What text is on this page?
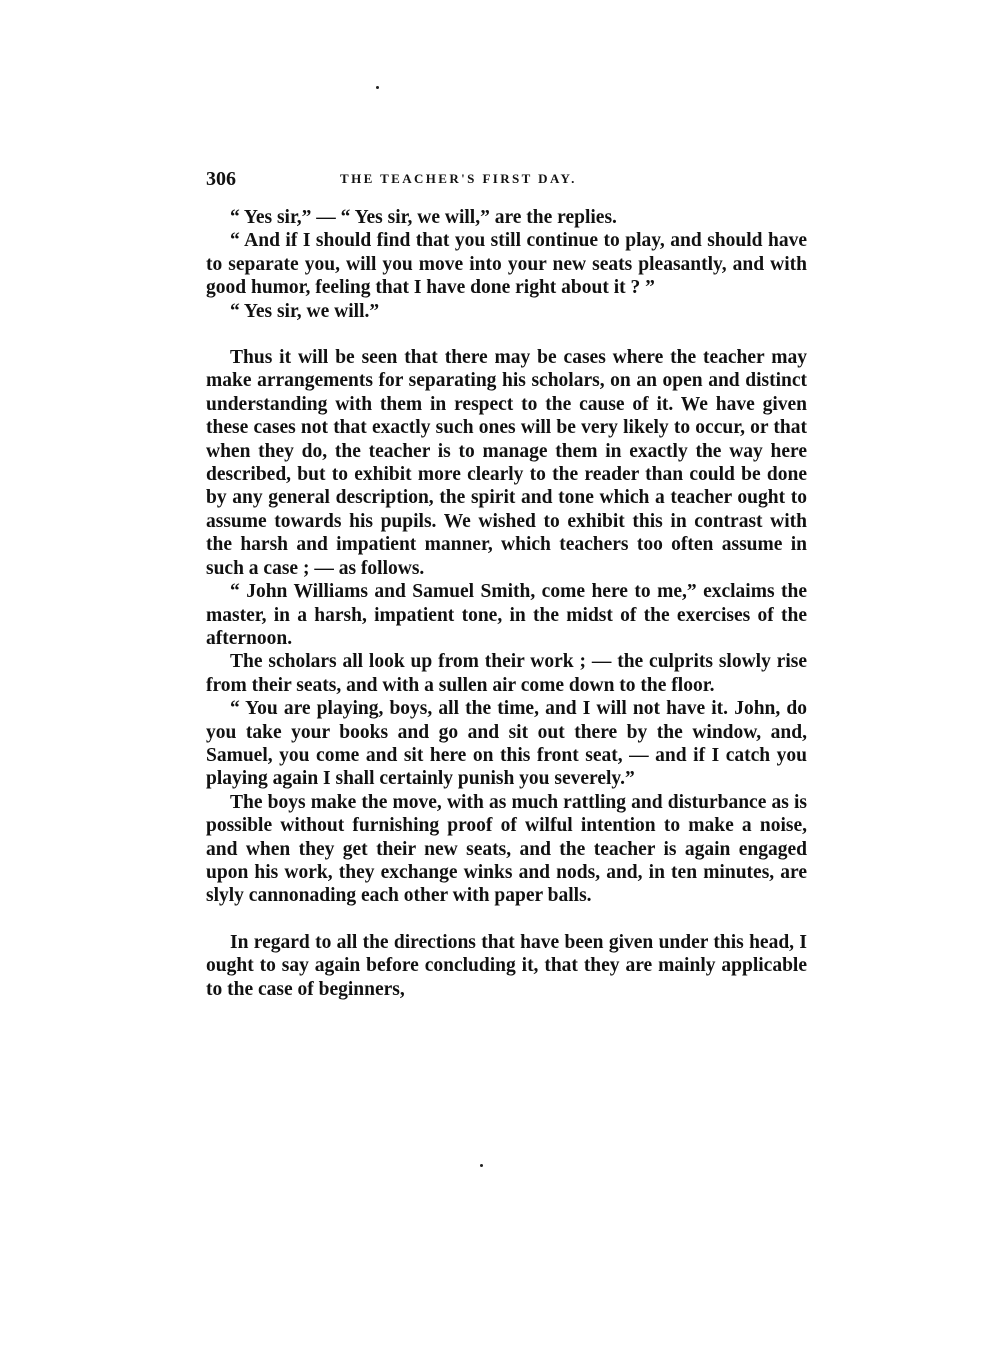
306	THE TEACHER'S FIRST DAY.

“ Yes sir,” — “ Yes sir, we will,” are the replies.

“ And if I should find that you still continue to play, and should have to separate you, will you move into your new seats pleasantly, and with good humor, feeling that I have done right about it ? ”

“ Yes sir, we will.”

Thus it will be seen that there may be cases where the teacher may make arrangements for separating his scholars, on an open and distinct understanding with them in respect to the cause of it. We have given these cases not that exactly such ones will be very likely to occur, or that when they do, the teacher is to manage them in exactly the way here described, but to exhibit more clearly to the reader than could be done by any general description, the spirit and tone which a teacher ought to assume towards his pupils. We wished to exhibit this in contrast with the harsh and impatient manner, which teachers too often assume in such a case ; — as follows.

“ John Williams and Samuel Smith, come here to me,” exclaims the master, in a harsh, impatient tone, in the midst of the exercises of the afternoon.

The scholars all look up from their work ; — the culprits slowly rise from their seats, and with a sullen air come down to the floor.

“ You are playing, boys, all the time, and I will not have it. John, do you take your books and go and sit out there by the window, and, Samuel, you come and sit here on this front seat, — and if I catch you playing again I shall certainly punish you severely.”

The boys make the move, with as much rattling and disturbance as is possible without furnishing proof of wilful intention to make a noise, and when they get their new seats, and the teacher is again engaged upon his work, they exchange winks and nods, and, in ten minutes, are slyly cannonading each other with paper balls.

In regard to all the directions that have been given under this head, I ought to say again before concluding it, that they are mainly applicable to the case of beginners,
